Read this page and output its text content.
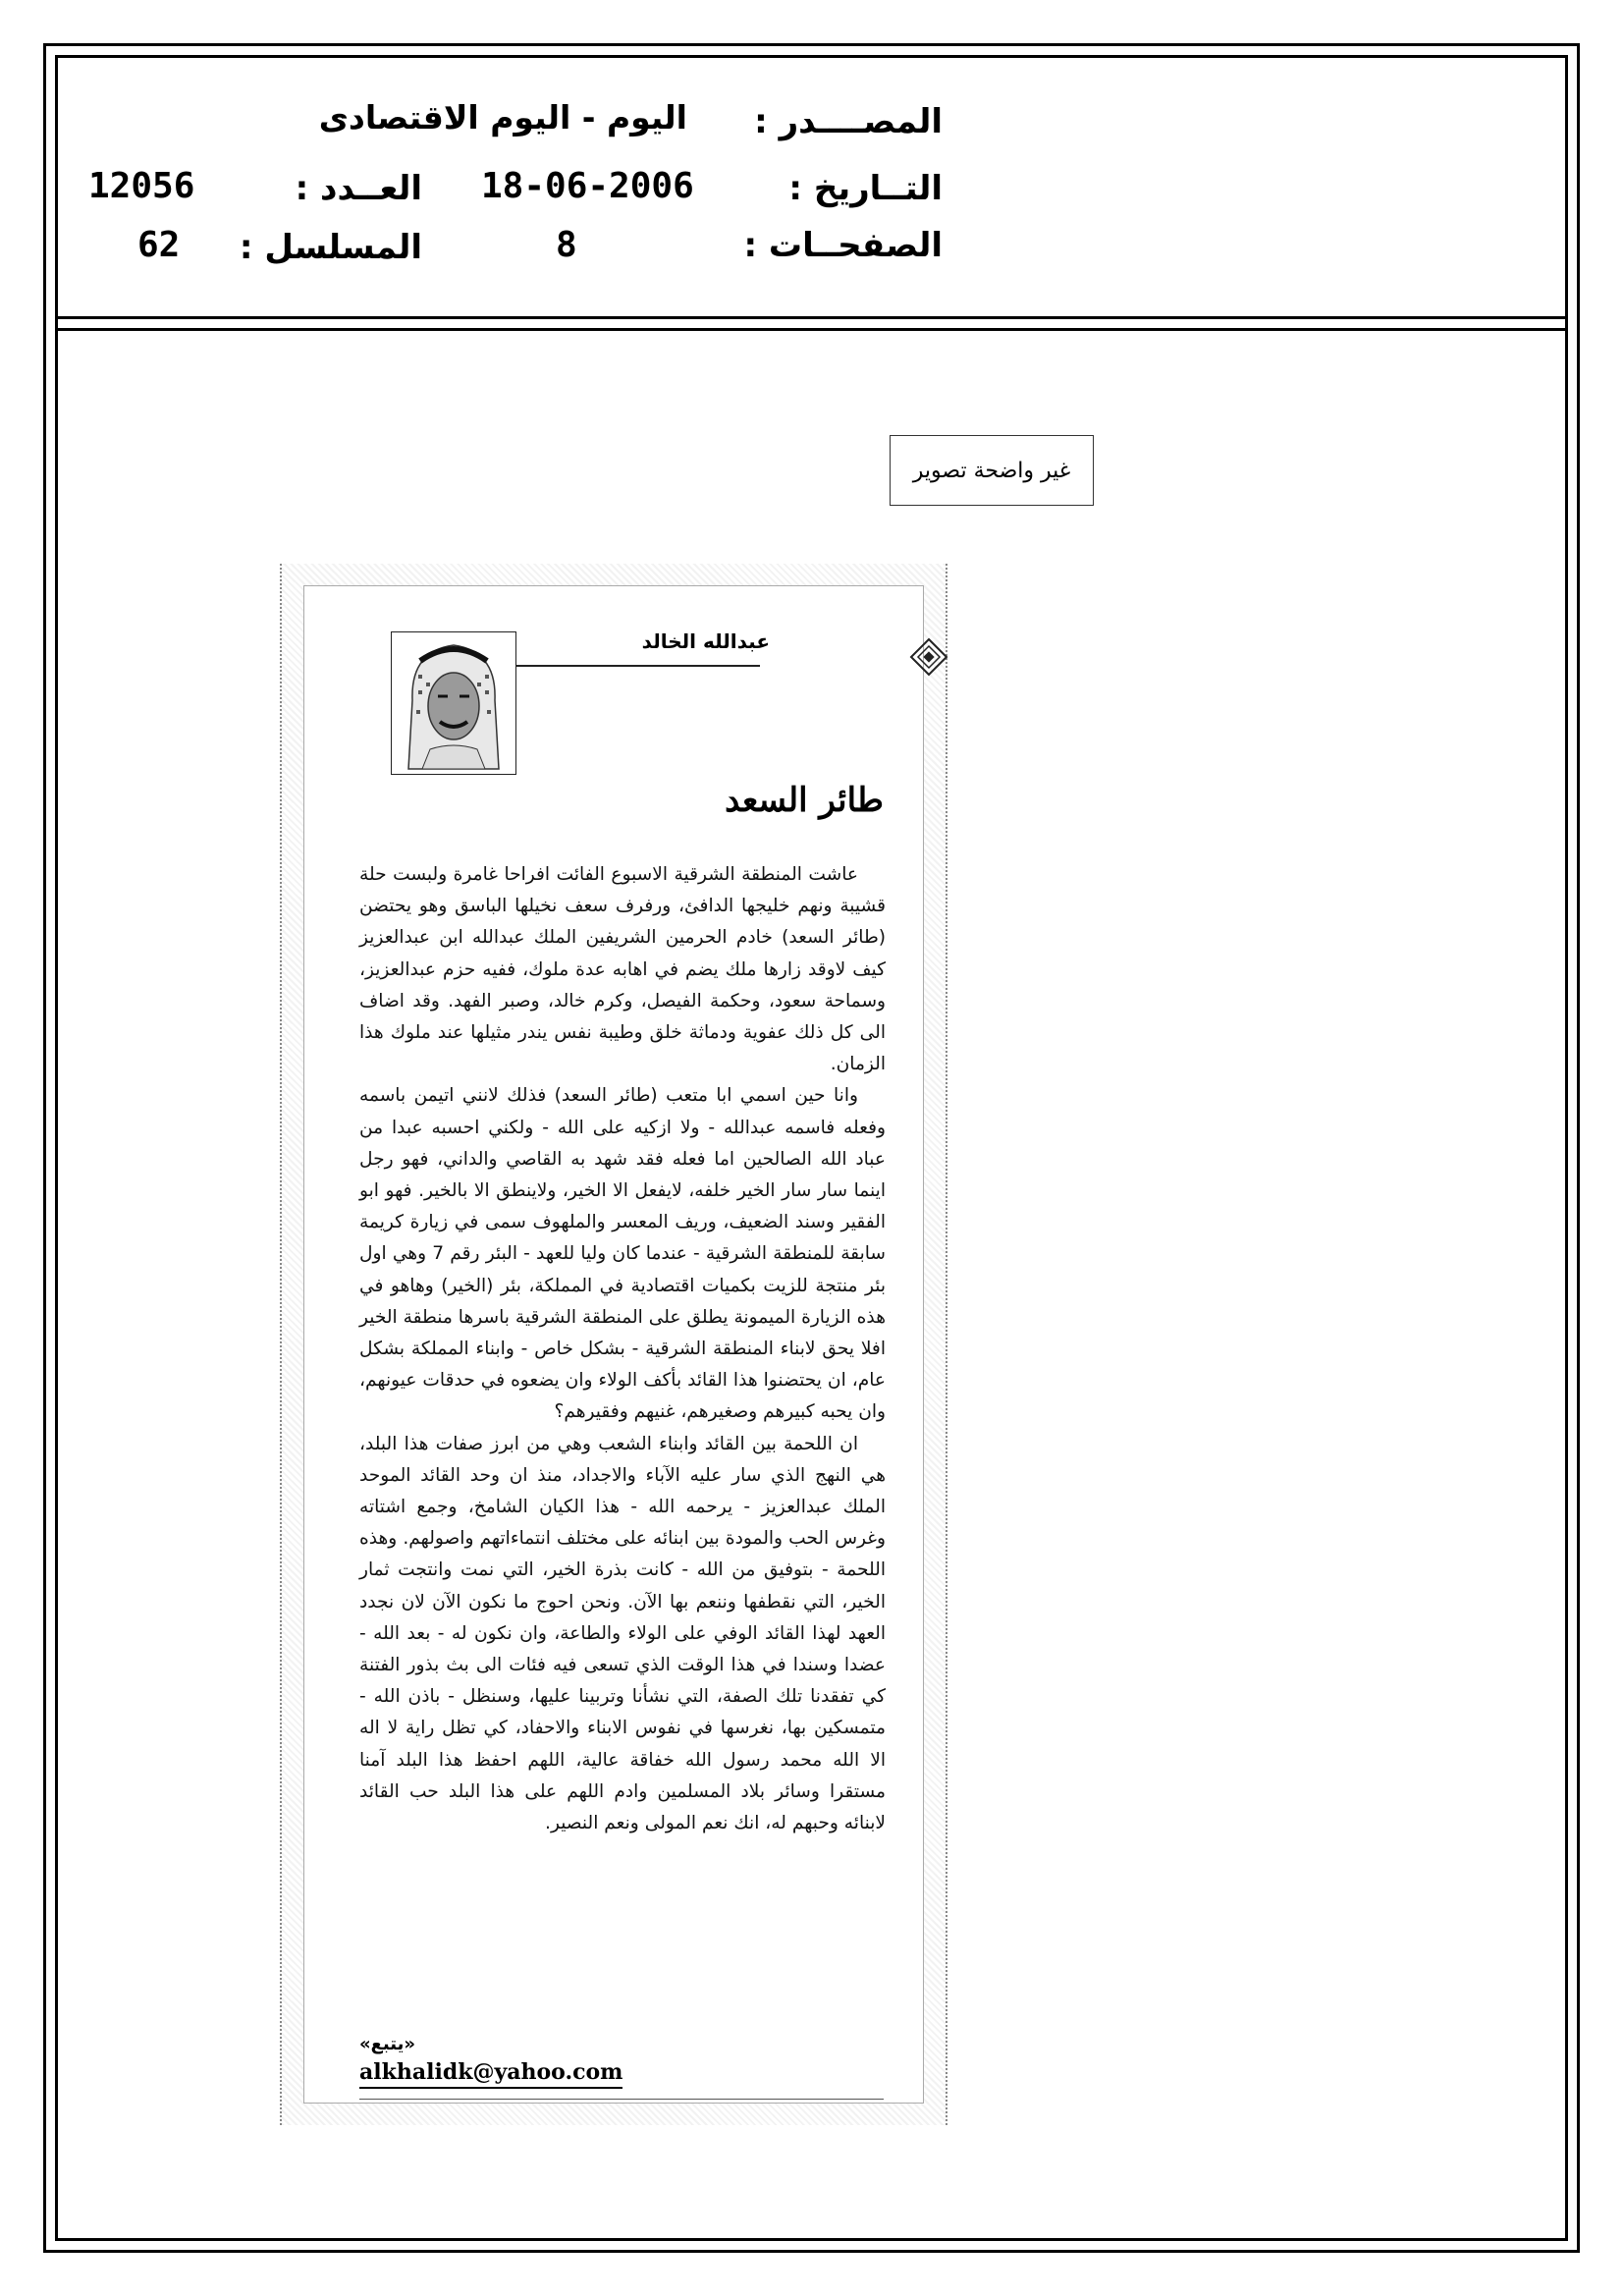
المصــــدر :
اليوم - اليوم الاقتصادى
التــاريخ :
18-06-2006
العــدد :
12056
الصفحــات :
8
المسلسل :
62
غير واضحة تصوير
عبدالله الخالد
طائر السعد

عاشت المنطقة الشرقية الاسبوع الفائت افراحا غامرة ولبست حلة قشيبة ونهم خليجها الدافئ، ورفرف سعف نخيلها الباسق وهو يحتضن (طائر السعد) خادم الحرمين الشريفين الملك عبدالله ابن عبدالعزيز كيف لاوقد زارها ملك يضم في اهابه عدة ملوك، ففيه حزم عبدالعزيز، وسماحة سعود، وحكمة الفيصل، وكرم خالد، وصبر الفهد. وقد اضاف الى كل ذلك عفوية ودماثة خلق وطيبة نفس يندر مثيلها عند ملوك هذا الزمان.

وانا حين اسمي ابا متعب (طائر السعد) فذلك لانني اتيمن باسمه وفعله فاسمه عبدالله - ولا ازكيه على الله - ولكني احسبه عبدا من عباد الله الصالحين اما فعله فقد شهد به القاصي والداني، فهو رجل اينما سار سار الخير خلفه، لايفعل الا الخير، ولاينطق الا بالخير. فهو ابو الفقير وسند الضعيف، وريف المعسر والملهوف سمى في زيارة كريمة سابقة للمنطقة الشرقية - عندما كان وليا للعهد - البئر رقم 7 وهي اول بئر منتجة للزيت بكميات اقتصادية في المملكة، بئر (الخير) وهاهو في هذه الزيارة الميمونة يطلق على المنطقة الشرقية باسرها منطقة الخير افلا يحق لابناء المنطقة الشرقية - بشكل خاص - وابناء المملكة بشكل عام، ان يحتضنوا هذا القائد بأكف الولاء وان يضعوه في حدقات عيونهم، وان يحبه كبيرهم وصغيرهم، غنيهم وفقيرهم؟

ان اللحمة بين القائد وابناء الشعب وهي من ابرز صفات هذا البلد، هي النهج الذي سار عليه الآباء والاجداد، منذ ان وحد القائد الموحد الملك عبدالعزيز - يرحمه الله - هذا الكيان الشامخ، وجمع اشتاته وغرس الحب والمودة بين ابنائه على مختلف انتماءاتهم واصولهم. وهذه اللحمة - بتوفيق من الله - كانت بذرة الخير، التي نمت وانتجت ثمار الخير، التي نقطفها وننعم بها الآن. ونحن احوج ما نكون الآن لان نجدد العهد لهذا القائد الوفي على الولاء والطاعة، وان نكون له - بعد الله - عضدا وسندا في هذا الوقت الذي تسعى فيه فئات الى بث بذور الفتنة كي تفقدنا تلك الصفة، التي نشأنا وتربينا عليها، وسنظل - باذن الله - متمسكين بها، نغرسها في نفوس الابناء والاحفاد، كي تظل راية لا اله الا الله محمد رسول الله خفاقة عالية، اللهم احفظ هذا البلد آمنا مستقرا وسائر بلاد المسلمين وادم اللهم على هذا البلد حب القائد لابنائه وحبهم له، انك نعم المولى ونعم النصير.

«يتبع»
alkhalidk@yahoo.com
